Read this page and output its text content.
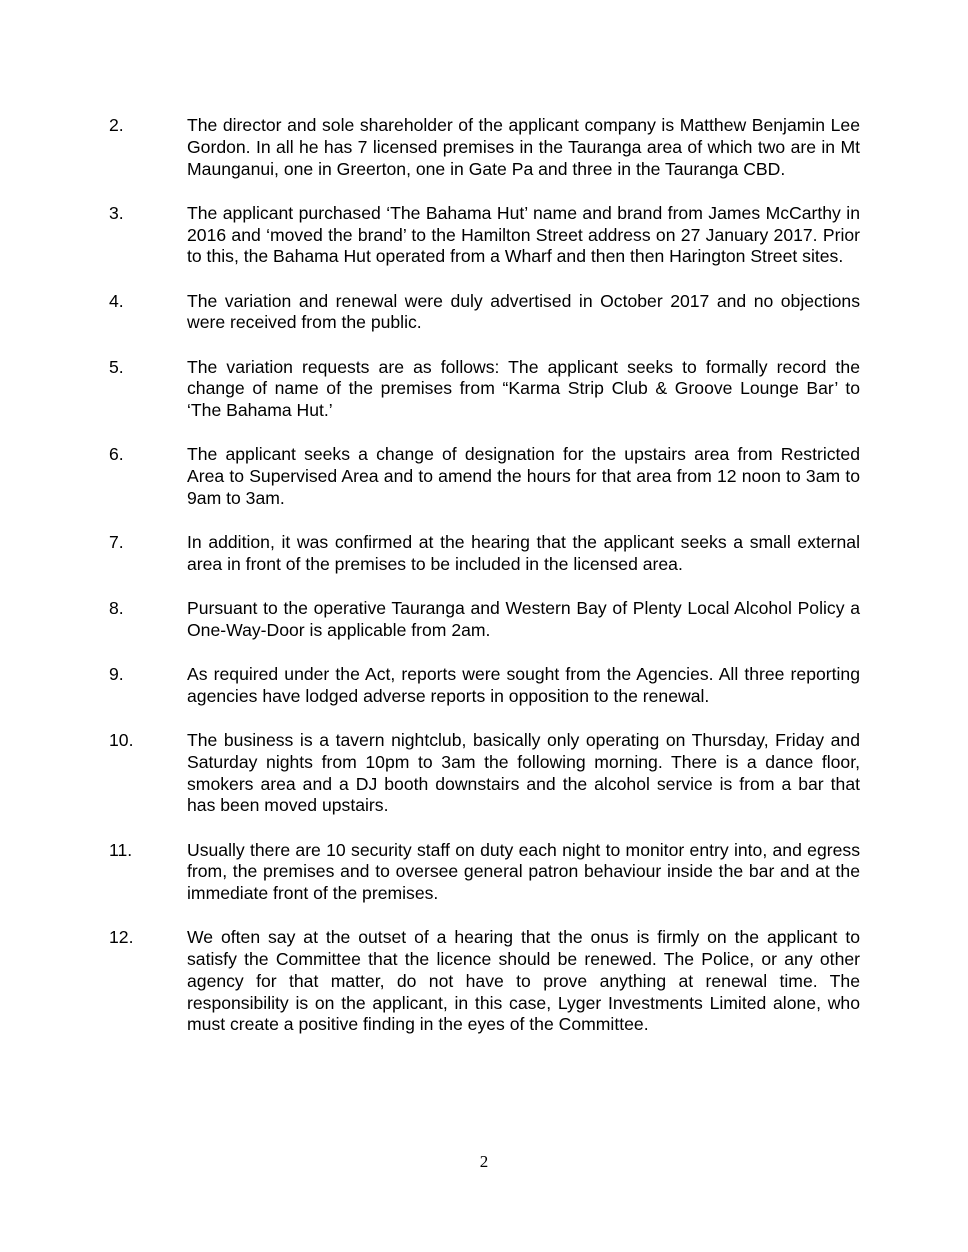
2.	The director and sole shareholder of the applicant company is Matthew Benjamin Lee Gordon. In all he has 7 licensed premises in the Tauranga area of which two are in Mt Maunganui, one in Greerton, one in Gate Pa and three in the Tauranga CBD.
3.	The applicant purchased ‘The Bahama Hut’ name and brand from James McCarthy in 2016 and ‘moved the brand’ to the Hamilton Street address on 27 January 2017. Prior to this, the Bahama Hut operated from a Wharf and then then Harington Street sites.
4.	The variation and renewal were duly advertised in October 2017 and no objections were received from the public.
5.	The variation requests are as follows: The applicant seeks to formally record the change of name of the premises from “Karma Strip Club & Groove Lounge Bar’ to ‘The Bahama Hut.’
6.	The applicant seeks a change of designation for the upstairs area from Restricted Area to Supervised Area and to amend the hours for that area from 12 noon to 3am to 9am to 3am.
7.	In addition, it was confirmed at the hearing that the applicant seeks a small external area in front of the premises to be included in the licensed area.
8.	Pursuant to the operative Tauranga and Western Bay of Plenty Local Alcohol Policy a One-Way-Door is applicable from 2am.
9.	As required under the Act, reports were sought from the Agencies. All three reporting agencies have lodged adverse reports in opposition to the renewal.
10.	The business is a tavern nightclub, basically only operating on Thursday, Friday and Saturday nights from 10pm to 3am the following morning. There is a dance floor, smokers area and a DJ booth downstairs and the alcohol service is from a bar that has been moved upstairs.
11.	Usually there are 10 security staff on duty each night to monitor entry into, and egress from, the premises and to oversee general patron behaviour inside the bar and at the immediate front of the premises.
12.	We often say at the outset of a hearing that the onus is firmly on the applicant to satisfy the Committee that the licence should be renewed. The Police, or any other agency for that matter, do not have to prove anything at renewal time. The responsibility is on the applicant, in this case, Lyger Investments Limited alone, who must create a positive finding in the eyes of the Committee.
2
